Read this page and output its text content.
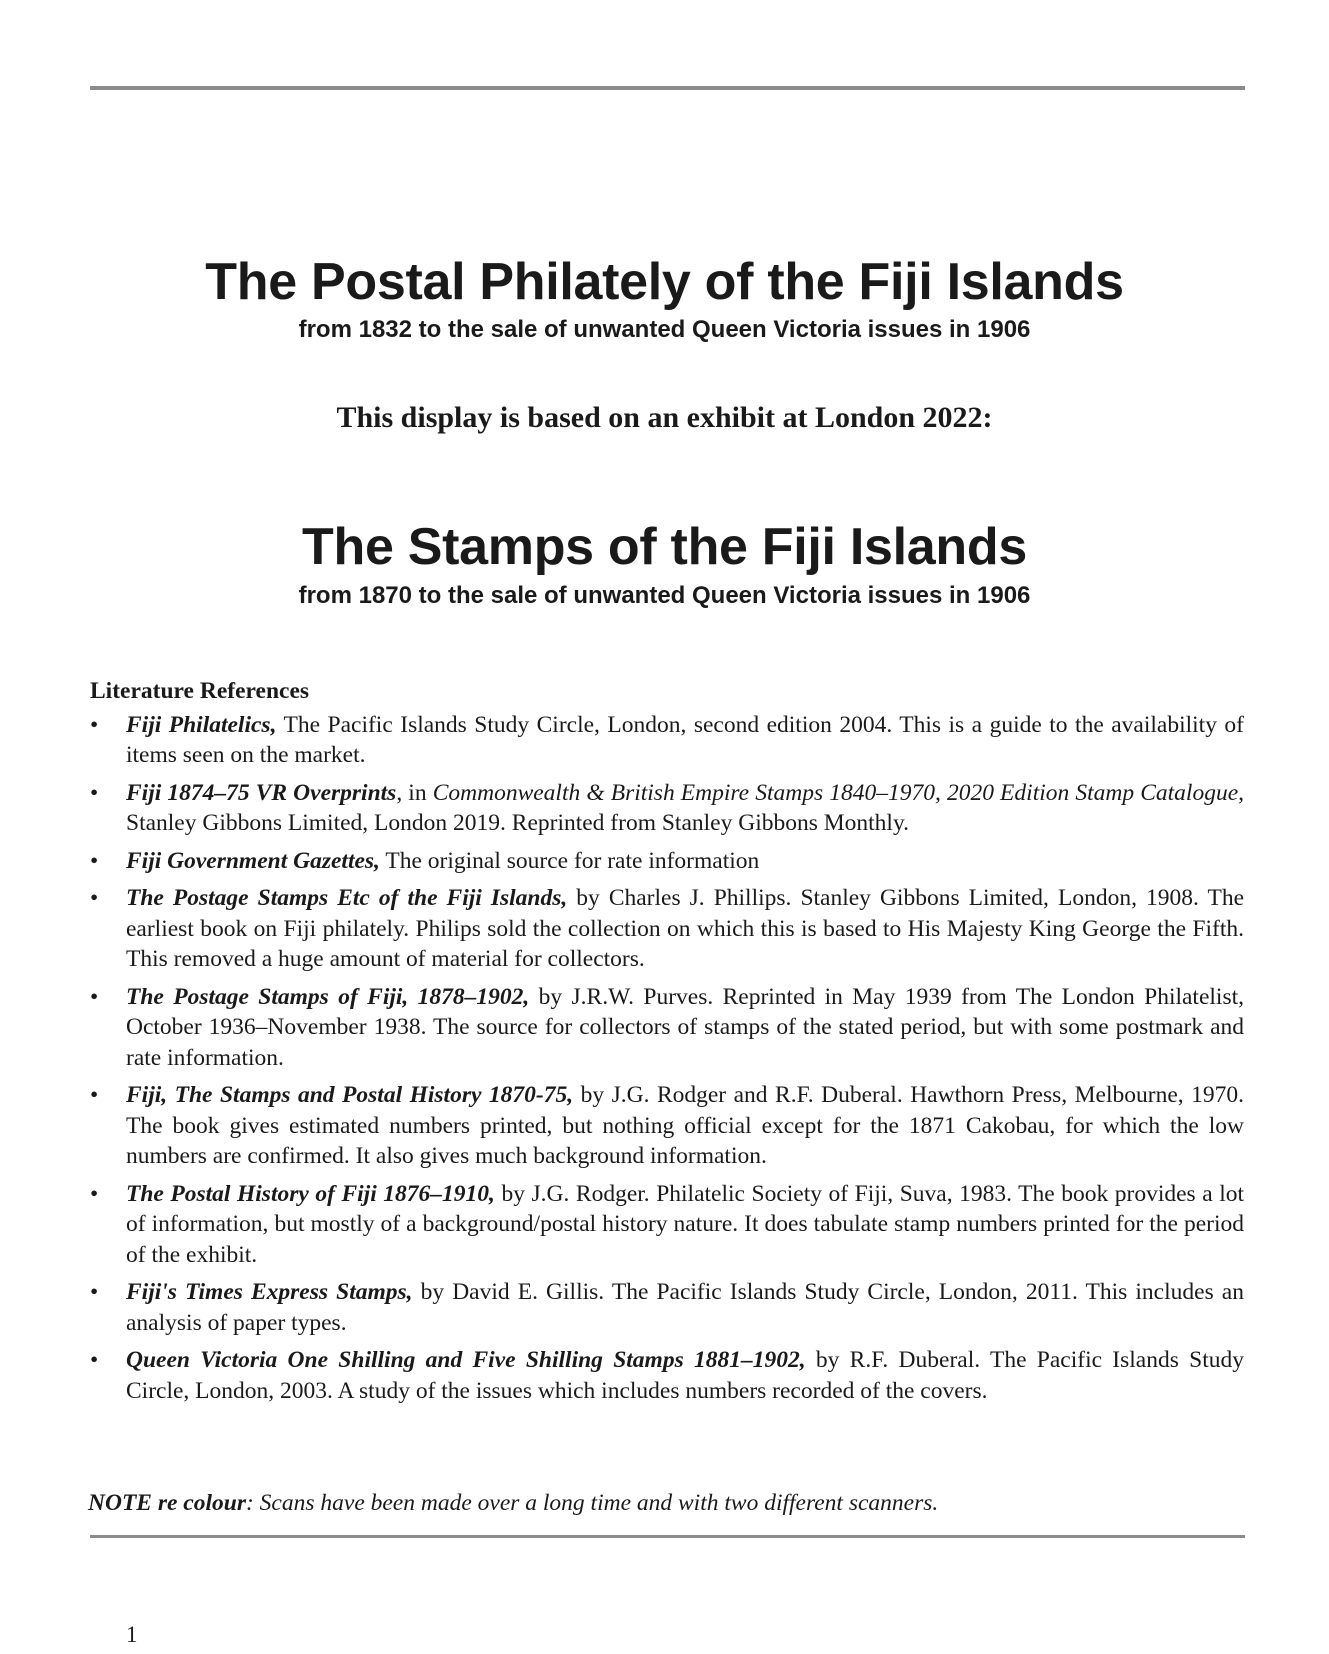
The Postal Philately of the Fiji Islands

from 1832 to the sale of unwanted Queen Victoria issues in 1906

This display is based on an exhibit at London 2022:

The Stamps of the Fiji Islands

from 1870 to the sale of unwanted Queen Victoria issues in 1906

Literature References

• Fiji Philatelics, The Pacific Islands Study Circle, London, second edition 2004. This is a guide to the availability of items seen on the market.
• Fiji 1874–75 VR Overprints, in Commonwealth & British Empire Stamps 1840–1970, 2020 Edition Stamp Catalogue, Stanley Gibbons Limited, London 2019. Reprinted from Stanley Gibbons Monthly.
• Fiji Government Gazettes, The original source for rate information
• The Postage Stamps Etc of the Fiji Islands, by Charles J. Phillips. Stanley Gibbons Limited, London, 1908. The earliest book on Fiji philately. Philips sold the collection on which this is based to His Majesty King George the Fifth. This removed a huge amount of material for collectors.
• The Postage Stamps of Fiji, 1878–1902, by J.R.W. Purves. Reprinted in May 1939 from The London Philatelist, October 1936–November 1938. The source for collectors of stamps of the stated period, but with some postmark and rate information.
• Fiji, The Stamps and Postal History 1870-75, by J.G. Rodger and R.F. Duberal. Hawthorn Press, Melbourne, 1970. The book gives estimated numbers printed, but nothing official except for the 1871 Cakobau, for which the low numbers are confirmed. It also gives much background information.
• The Postal History of Fiji 1876–1910, by J.G. Rodger. Philatelic Society of Fiji, Suva, 1983. The book provides a lot of information, but mostly of a background/postal history nature. It does tabulate stamp numbers printed for the period of the exhibit.
• Fiji's Times Express Stamps, by David E. Gillis. The Pacific Islands Study Circle, London, 2011. This includes an analysis of paper types.
• Queen Victoria One Shilling and Five Shilling Stamps 1881–1902, by R.F. Duberal. The Pacific Islands Study Circle, London, 2003. A study of the issues which includes numbers recorded of the covers.

NOTE re colour: Scans have been made over a long time and with two different scanners.

1
